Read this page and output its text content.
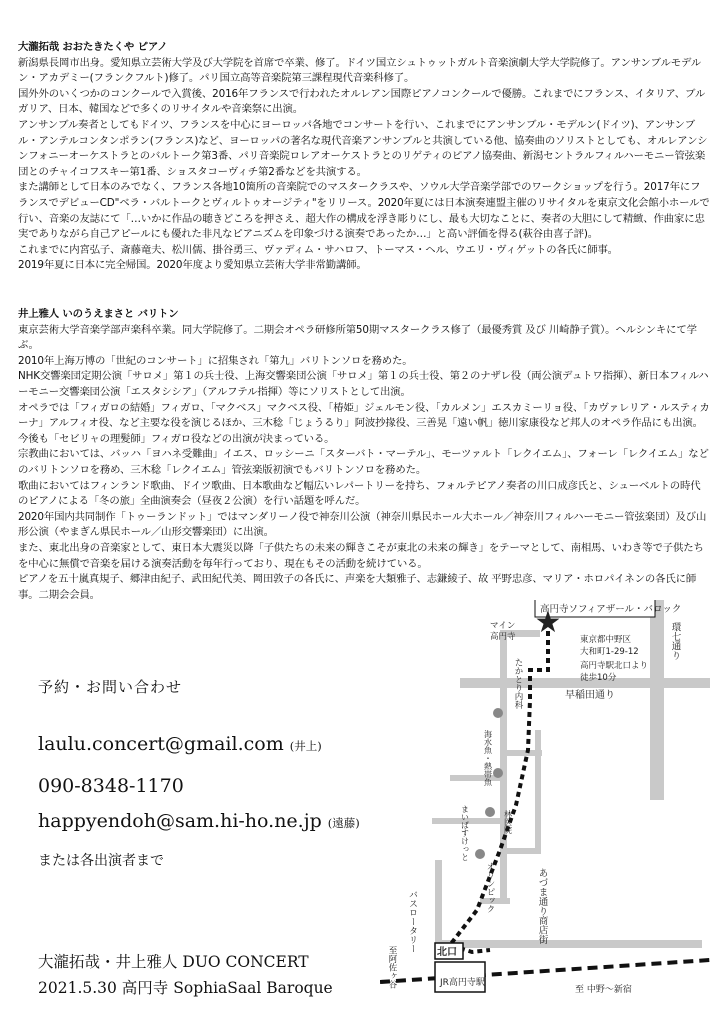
大瀧拓哉 おおたきたくや ピアノ

新潟県長岡市出身。愛知県立芸術大学及び大学院を首席で卒業、修了。ドイツ国立シュトゥットガルト音楽演劇大学大学院修了。アンサンブルモデルン・アカデミー(フランクフルト)修了。パリ国立高等音楽院第三課程現代音楽科修了。

国外外のいくつかのコンクールで入賞後、2016年フランスで行われたオルレアン国際ピアノコンクールで優勝。これまでにフランス、イタリア、ブルガリア、日本、韓国などで多くのリサイタルや音楽祭に出演。

アンサンブル奏者としてもドイツ、フランスを中心にヨーロッパ各地でコンサートを行い、これまでにアンサンブル・モデルン(ドイツ)、アンサンブル・アンテルコンタンポラン(フランス)など、ヨーロッパの著名な現代音楽アンサンブルと共演している他、協奏曲のソリストとしても、オルレアンシンフォニーオーケストラとのバルトーク第3番、パリ音楽院ロレアオーケストラとのリゲティのピアノ協奏曲、新潟セントラルフィルハーモニー管弦楽団とのチャイコフスキー第1番、ショスタコーヴィチ第2番などを共演する。

また講師として日本のみでなく、フランス各地10箇所の音楽院でのマスタークラスや、ソウル大学音楽学部でのワークショップを行う。2017年にフランスでデビューCD"ベラ・バルトークとヴィルトゥオージティ"をリリース。2020年夏には日本演奏連盟主催のリサイタルを東京文化会館小ホールで行い、音楽の友誌にて「…いかに作品の聴きどころを押さえ、超大作の構成を浮き彫りにし、最も大切なことに、奏者の大胆にして精緻、作曲家に忠実でありながら自己アピールにも優れた非凡なピアニズムを印象づける演奏であったか…」と高い評価を得る(萩谷由喜子評)。

これまでに内宮弘子、斎藤竜夫、松川儒、掛谷勇三、ヴァディム・サハロフ、トーマス・ヘル、ウエリ・ヴィゲットの各氏に師事。

2019年夏に日本に完全帰国。2020年度より愛知県立芸術大学非常勤講師。

井上雅人 いのうえまさと バリトン

東京芸術大学音楽学部声楽科卒業。同大学院修了。二期会オペラ研修所第50期マスタークラス修了（最優秀賞 及び 川崎静子賞）。ヘルシンキにて学ぶ。

2010年上海万博の「世紀のコンサート」に招集され「第九」バリトンソロを務めた。

NHK交響楽団定期公演「サロメ」第１の兵士役、上海交響楽団公演「サロメ」第１の兵士役、第２のナザレ役（両公演デュトワ指揮）、新日本フィルハーモニー交響楽団公演「エスタシシア」（アルフテル指揮）等にソリストとして出演。

オペラでは「フィガロの結婚」フィガロ、「マクベス」マクベス役、「椿姫」ジェルモン役、「カルメン」エスカミーリョ役、「カヴァレリア・ルスティカーナ」アルフィオ役、など主要な役を演じるほか、三木稔「じょうるり」阿波抄掾役、三善晃「遠い帆」徳川家康役など邦人のオペラ作品にも出演。今後も「セビリャの理髪師」フィガロ役などの出演が決まっている。

宗教曲においては、バッハ「ヨハネ受難曲」イエス、ロッシーニ「スターバト・マーテル」、モーツァルト「レクイエム」、フォーレ「レクイエム」などのバリトンソロを務め、三木稔「レクイエム」管弦楽版初演でもバリトンソロを務めた。

歌曲においてはフィンランド歌曲、ドイツ歌曲、日本歌曲など幅広いレパートリーを持ち、フォルテピアノ奏者の川口成彦氏と、シューベルトの時代のピアノによる「冬の旅」全曲演奏会（昼夜２公演）を行い話題を呼んだ。

2020年国内共同制作「トゥーランドット」ではマンダリーノ役で神奈川公演（神奈川県民ホール大ホール／神奈川フィルハーモニー管弦楽団）及び山形公演（やまぎん県民ホール／山形交響楽団）に出演。

また、東北出身の音楽家として、東日本大震災以降「子供たちの未来の輝きこそが東北の未来の輝き」をテーマとして、南相馬、いわき等で子供たちを中心に無償で音楽を届ける演奏活動を毎年行っており、現在もその活動を続けている。

ピアノを五十嵐真規子、郷津由紀子、武田紀代美、岡田敦子の各氏に、声楽を大類雅子、志鎌綾子、故 平野忠彦、マリア・ホロパイネンの各氏に師事。二期会会員。

予約・お問い合わせ
laulu.concert@gmail.com (井上)
090-8348-1170
happyendoh@sam.hi-ho.ne.jp (遠藤)
または各出演者まで
大瀧拓哉・井上雅人 DUO CONCERT
2021.5.30 高円寺 SophiaSaal Baroque
高円寺ソフィアザール・バロック
★ 東京都中野区
大和町1-29-12
高円寺駅北口より
徒歩10分
マイン
高円寺
早稲田通り
環七通り
たかとり内科
海水魚・熱帯魚
林医院
まいばすけっと
オリンピック	あづま通り商店街
バスロータリー
至阿佐ヶ谷
至 中野〜新宿
北口
JR高円寺駅
